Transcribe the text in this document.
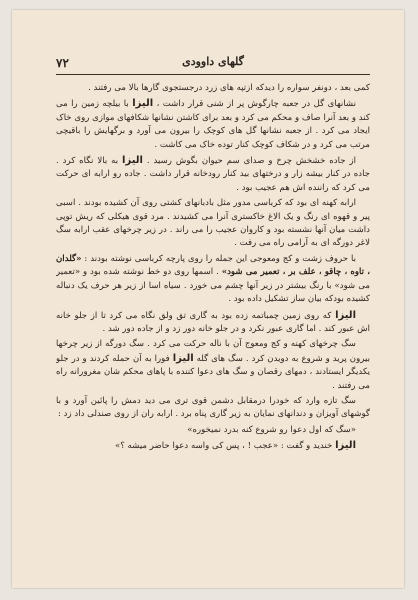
۷۲	گلهای داوودی

کمی بعد ، دونفر سواره را دیدکه ازتپه های زرد درجستجوی گارها بالا می رفتند .

نشانهای گل در جعبه چارگوش پر از شنی قرار داشت ، الیزا با بیلچه زمین را می کند و بعد آنرا صاف و محکم می کرد و بعد برای کاشتن نشانها شکافهای موازی روی خاک ایجاد می کرد . از جعبه نشانها گل های کوچک را بیرون می آورد و برگهایش را باقیچی مرتب می کرد و در شکاف کوچک کنار توده خاک می کاشت .

از جاده خشخش چرخ و صدای سم حیوان بگوش رسید . الیزا به بالا نگاه کرد . جاده در کنار بیشه زار و درختهای بید کنار رودخانه قرار داشت . جاده رو ارابه ای حرکت می کرد که راننده اش هم عجیب بود .

ارابه کهنه ای بود که کرباسی مدور مثل بادبانهای کشتی روی آن کشیده بودند . اسبی پیر و قهوه ای رنگ و یک الاغ خاکستری آنرا می کشیدند . مرد قوی هیکلی که ریش توپی داشت میان آنها نشسته بود و کاروان عجیب را می راند . در زیر چرخهای عقب ارابه سگ لاغر دورگه ای به آرامی راه می رفت .

با حروف زشت و کج ومعوجی این جمله را روی پارچه کرباسی نوشته بودند : «گلدان ، تاوه ، چاقو ، علف بر ، تعمیر می شود» . اسمها روی دو خط نوشته شده بود و «تعمیر می شود» با رنگ بیشتر در زیر آنها چشم می خورد . سیاه اسا از زیر هر حرف یک دنباله کشیده بودکه بیان ساز تشکیل داده بود .

الیزا که روی زمین چمباتمه زده بود به گاری تق ولق نگاه می کرد تا از جلو خانه اش عبور کند . اما گاری عبور نکرد و در جلو خانه دور زد و از جاده دور شد .

سگ چرخهای کهنه و کج ومعوج آن با ناله حرکت می کرد . سگ دورگه از زیر چرخها بیرون پرید و شروع به دویدن کرد . سگ های گله الیزا فورا به آن حمله کردند و در جلو یکدیگر ایستادند ، دمهای رقصان و سگ های دعوا کننده با پاهای محکم شان مغرورانه راه می رفتند .

سگ تازه وارد که خودرا درمقابل دشمن قوی تری می دید دمش را پائین آورد و با گوشهای آویزان و دندانهای نمایان به زیر گاری پناه برد . ارابه ران از روی صندلی داد زد :

«سگ که اول دعوا رو شروع کنه بدرد نمیخوره»

الیزا خندید و گفت : «عجب ! ، پس کی واسه دعوا حاضر میشه ؟»
